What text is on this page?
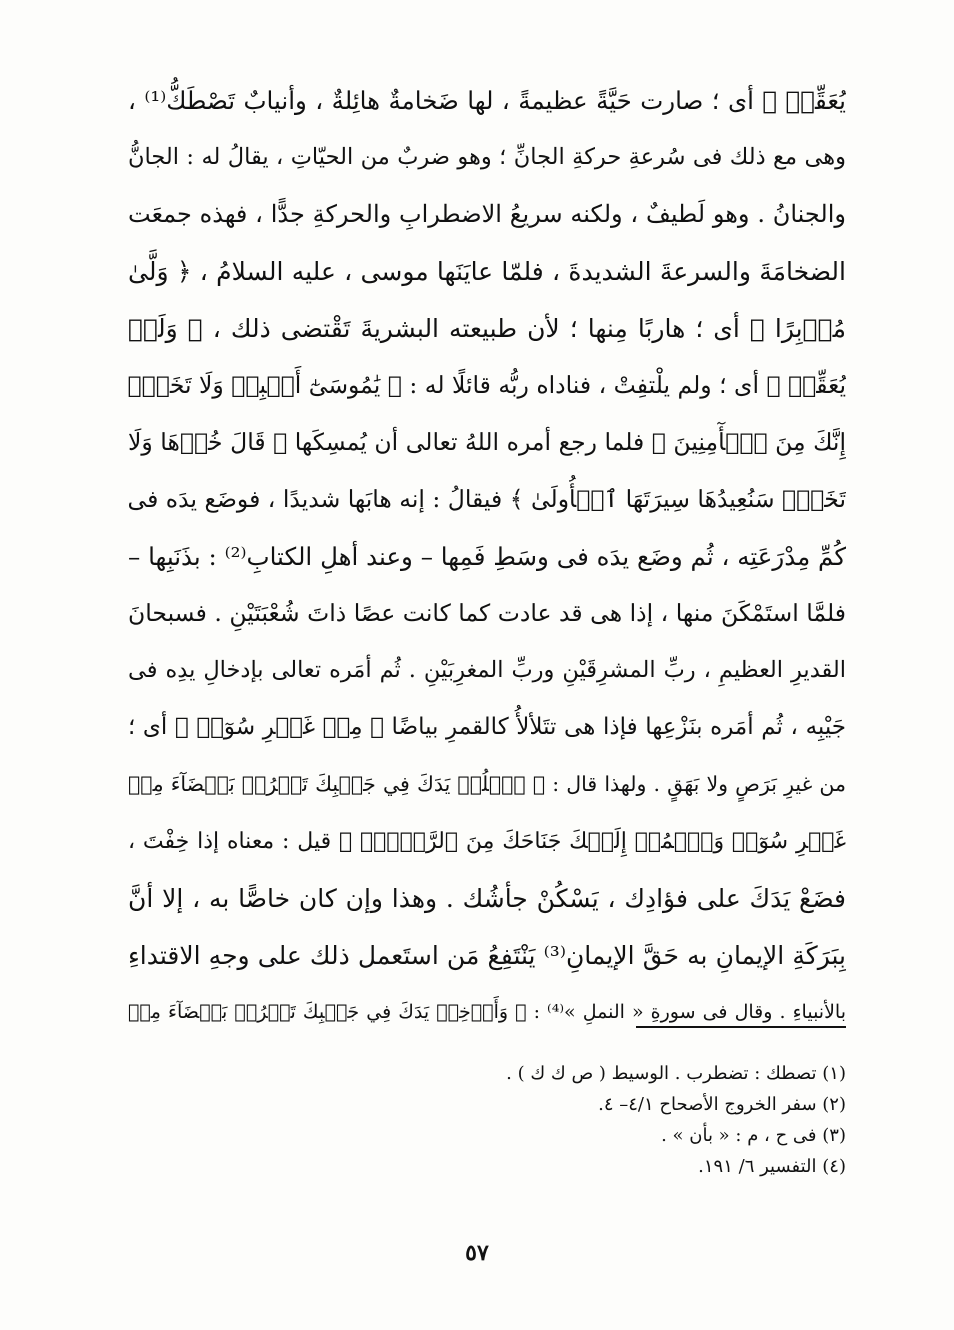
يُعَقِّبۡ ﴾ أى ؛ صارت حَيَّةً عظيمةً ، لها ضَخامةٌ هائِلةٌ ، وأنيابٌ تَصْطَكُّ⁽¹⁾ ،
وهى مع ذلك فى سُرعةِ حركةِ الجانِّ ؛ وهو ضربٌ من الحيّاتِ ، يقالُ له : الجانُّ
والجنانُ . وهو لَطيفٌ ، ولكنه سريعُ الاضطرابِ والحركةِ جدًّا ، فهذه جمعَت
الضخامَةَ والسرعةَ الشديدةَ ، فلمّا عايَنَها موسى ، عليه السلامُ ، ﴿ وَلَّىٰ
مُدۡبِرًا ﴾ أى ؛ هاربًا مِنها ؛ لأن طبيعته البشريةَ تَقْتضى ذلك ، ﴿ وَلَمۡ
يُعَقِّبۡ ﴾ أى ؛ ولم يلْتفِتْ ، فناداه ربُّه قائلًا له : ﴿ يَٰمُوسَىٰٓ أَقۡبِلۡ وَلَا تَخَفۡۖ
إِنَّكَ مِنَ ٱلۡأٓمِنِينَ ﴾ فلما رجع أمره اللهُ تعالى أن يُمسِكَها ﴿ قَالَ خُذۡهَا وَلَا
تَخَفۡۖ سَنُعِيدُهَا سِيرَتَهَا ٱلۡأُولَىٰ ﴾ فيقالُ : إنه هابَها شديدًا ، فوضَع يدَه فى
كُمِّ مِدْرَعَتِه ، ثُم وضَع يدَه فى وسَطِ فَمِها – وعند أهلِ الكتابِ⁽²⁾ : بذَنَبِها –
فلمَّا استَمْكَنَ منها ، إذا هى قد عادت كما كانت عصًا ذاتَ شُعْبَتَيْنِ . فسبحانَ
القديرِ العظيمِ ، ربِّ المشرِقَيْنِ وربِّ المغرِبَيْنِ . ثُم أمَره تعالى بإدخالِ يدِه فى
جَيْبِه ، ثُم أمَره بنَزْعِها فإذا هى تتَلألأُ كالقمرِ بياضًا ﴿ مِنۡ غَيۡرِ سُوٓءٖ ﴾ أى ؛
من غيرِ بَرَصٍ ولا بَهَقٍ . ولهذا قال : ﴿ ٱسۡلُكۡ يَدَكَ فِي جَيۡبِكَ تَخۡرُجۡ بَيۡضَآءَ مِنۡ
غَيۡرِ سُوٓءٖ وَٱضۡمُمۡ إِلَيۡكَ جَنَاحَكَ مِنَ ٱلرَّهۡبِۖ ﴾ قيل : معناه إذا خِفْتَ ،
فضَعْ يَدَكَ على فؤادِك ، يَسْكُنْ جأشُك . وهذا وإن كان خاصًّا به ، إلا أنَّ
بِبَرَكَةِ الإيمانِ به حَقَّ الإيمانِ⁽³⁾ يَنْتَفِعُ مَن استَعمل ذلك على وجهِ الاقتداءِ
بالأنبياءِ . وقال فى سورةِ « النملِ »⁽⁴⁾ : ﴿ وَأَدۡخِلۡ يَدَكَ فِي جَيۡبِكَ تَخۡرُجۡ بَيۡضَآءَ مِنۡ
(١) تصطك : تضطرب . الوسيط ( ص ك ك ) .
(٢) سفر الخروج الأصحاح ٤/١– ٤.
(٣) فى ح ، م : « بأن » .
(٤) التفسير ٦/ ١٩١.
٥٧
